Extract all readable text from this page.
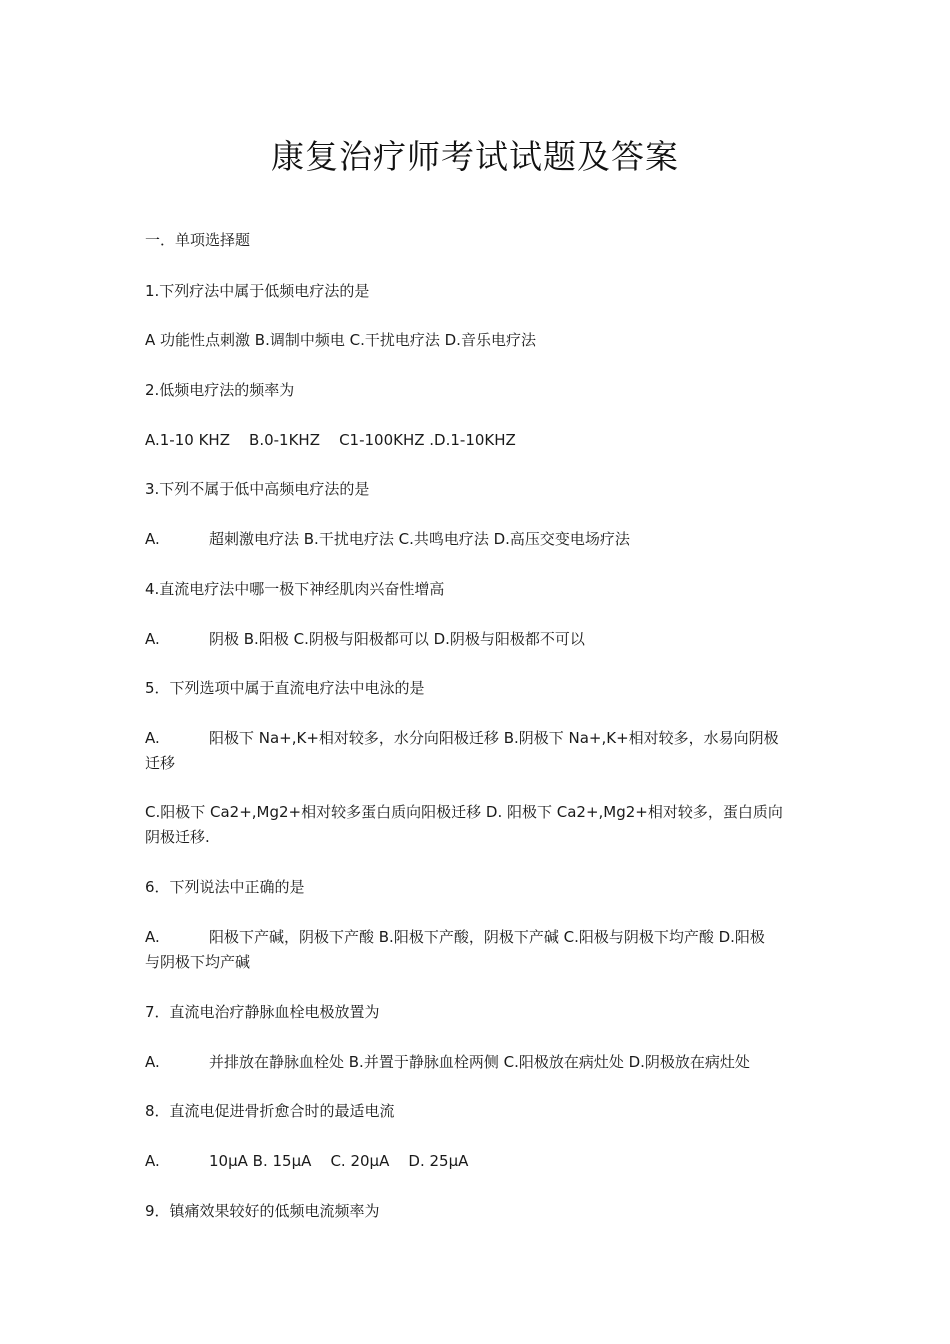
康复治疗师考试试题及答案
一．单项选择题
1.下列疗法中属于低频电疗法的是
A 功能性点刺激 B.调制中频电 C.干扰电疗法 D.音乐电疗法
2.低频电疗法的频率为
A.1-10 KHZ    B.0-1KHZ    C1-100KHZ .D.1-10KHZ
3.下列不属于低中高频电疗法的是
A.	超刺激电疗法 B.干扰电疗法 C.共鸣电疗法 D.高压交变电场疗法
4.直流电疗法中哪一极下神经肌肉兴奋性增高
A.	阴极 B.阳极 C.阴极与阳极都可以 D.阴极与阳极都不可以
5．下列选项中属于直流电疗法中电泳的是
A.	阳极下 Na+,K+相对较多，水分向阳极迁移 B.阴极下 Na+,K+相对较多，水易向阴极
迁移
C.阳极下 Ca2+,Mg2+相对较多蛋白质向阳极迁移 D. 阳极下 Ca2+,Mg2+相对较多，蛋白质向
阴极迁移.
6．下列说法中正确的是
A.	阳极下产碱，阴极下产酸 B.阳极下产酸，阴极下产碱 C.阳极与阴极下均产酸 D.阳极
与阴极下均产碱
7．直流电治疗静脉血栓电极放置为
A.	并排放在静脉血栓处 B.并置于静脉血栓两侧 C.阳极放在病灶处 D.阴极放在病灶处
8．直流电促进骨折愈合时的最适电流
A.	10μA B. 15μA    C. 20μA    D. 25μA
9．镇痛效果较好的低频电流频率为
